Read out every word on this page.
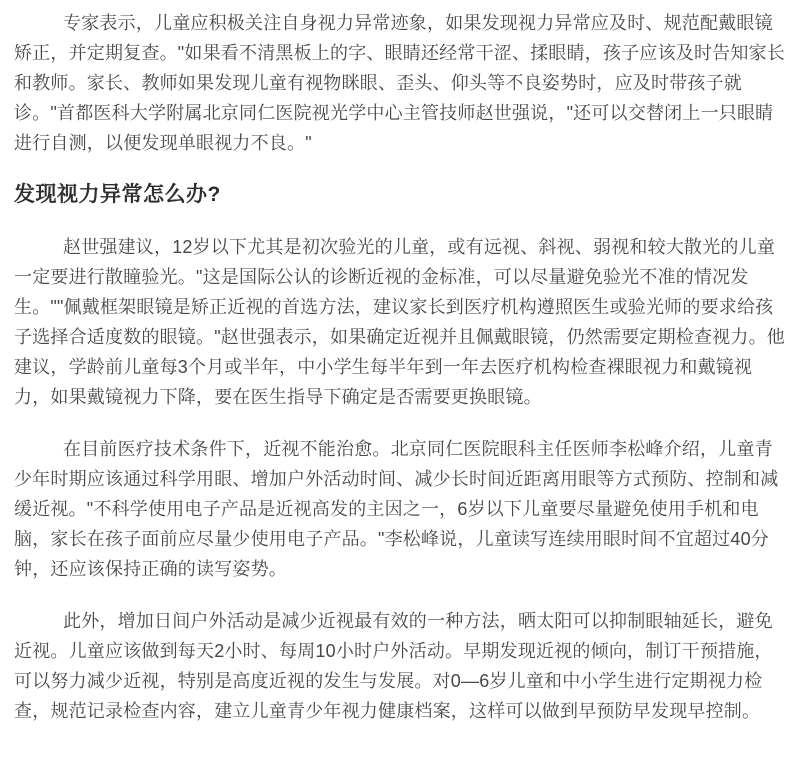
专家表示，儿童应积极关注自身视力异常迹象，如果发现视力异常应及时、规范配戴眼镜矫正，并定期复查。"如果看不清黑板上的字、眼睛还经常干涩、揉眼睛，孩子应该及时告知家长和教师。家长、教师如果发现儿童有视物眯眼、歪头、仰头等不良姿势时，应及时带孩子就诊。"首都医科大学附属北京同仁医院视光学中心主管技师赵世强说，"还可以交替闭上一只眼睛进行自测，以便发现单眼视力不良。"

发现视力异常怎么办?

赵世强建议，12岁以下尤其是初次验光的儿童，或有远视、斜视、弱视和较大散光的儿童一定要进行散瞳验光。"这是国际公认的诊断近视的金标准，可以尽量避免验光不准的情况发生。""佩戴框架眼镜是矫正近视的首选方法，建议家长到医疗机构遵照医生或验光师的要求给孩子选择合适度数的眼镜。"赵世强表示，如果确定近视并且佩戴眼镜，仍然需要定期检查视力。他建议，学龄前儿童每3个月或半年，中小学生每半年到一年去医疗机构检查裸眼视力和戴镜视力，如果戴镜视力下降，要在医生指导下确定是否需要更换眼镜。

在目前医疗技术条件下，近视不能治愈。北京同仁医院眼科主任医师李松峰介绍，儿童青少年时期应该通过科学用眼、增加户外活动时间、减少长时间近距离用眼等方式预防、控制和减缓近视。"不科学使用电子产品是近视高发的主因之一，6岁以下儿童要尽量避免使用手机和电脑，家长在孩子面前应尽量少使用电子产品。"李松峰说，儿童读写连续用眼时间不宜超过40分钟，还应该保持正确的读写姿势。

此外，增加日间户外活动是减少近视最有效的一种方法，晒太阳可以抑制眼轴延长，避免近视。儿童应该做到每天2小时、每周10小时户外活动。早期发现近视的倾向，制订干预措施，可以努力减少近视，特别是高度近视的发生与发展。对0—6岁儿童和中小学生进行定期视力检查，规范记录检查内容，建立儿童青少年视力健康档案，这样可以做到早预防早发现早控制。
